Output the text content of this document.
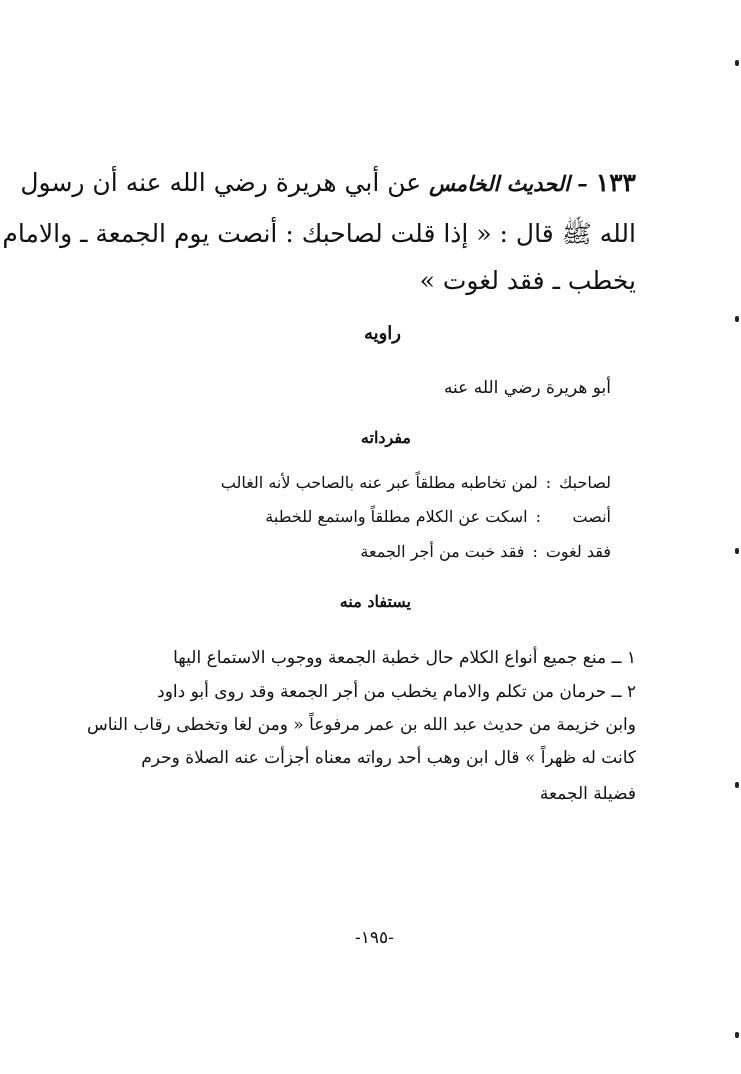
١٣٣ – الحديث الخامس عن أبي هريرة رضي الله عنه أن رسول
الله ﷺ قال : « إذا قلت لصاحبك : أنصت يوم الجمعة ـ والامام
يخطب ـ فقد لغوت »
راويه
أبو هريرة رضي الله عنه
مفرداته
لصاحبك
:
لمن تخاطبه مطلقاً عبر عنه بالصاحب لأنه الغالب
أنصت
:
اسكت عن الكلام مطلقاً واستمع للخطبة
فقد لغوت
:
فقد خبت من أجر الجمعة
يستفاد منه
١ ــ منع جميع أنواع الكلام حال خطبة الجمعة ووجوب الاستماع اليها
٢ ــ حرمان من تكلم والامام يخطب من أجر الجمعة وقد روى أبو داود
وابن خزيمة من حديث عبد الله بن عمر مرفوعاً « ومن لغا وتخطى رقاب الناس
كانت له ظهراً » قال ابن وهب أحد رواته معناه أجزأت عنه الصلاة وحرم
فضيلة الجمعة
-١٩٥-
